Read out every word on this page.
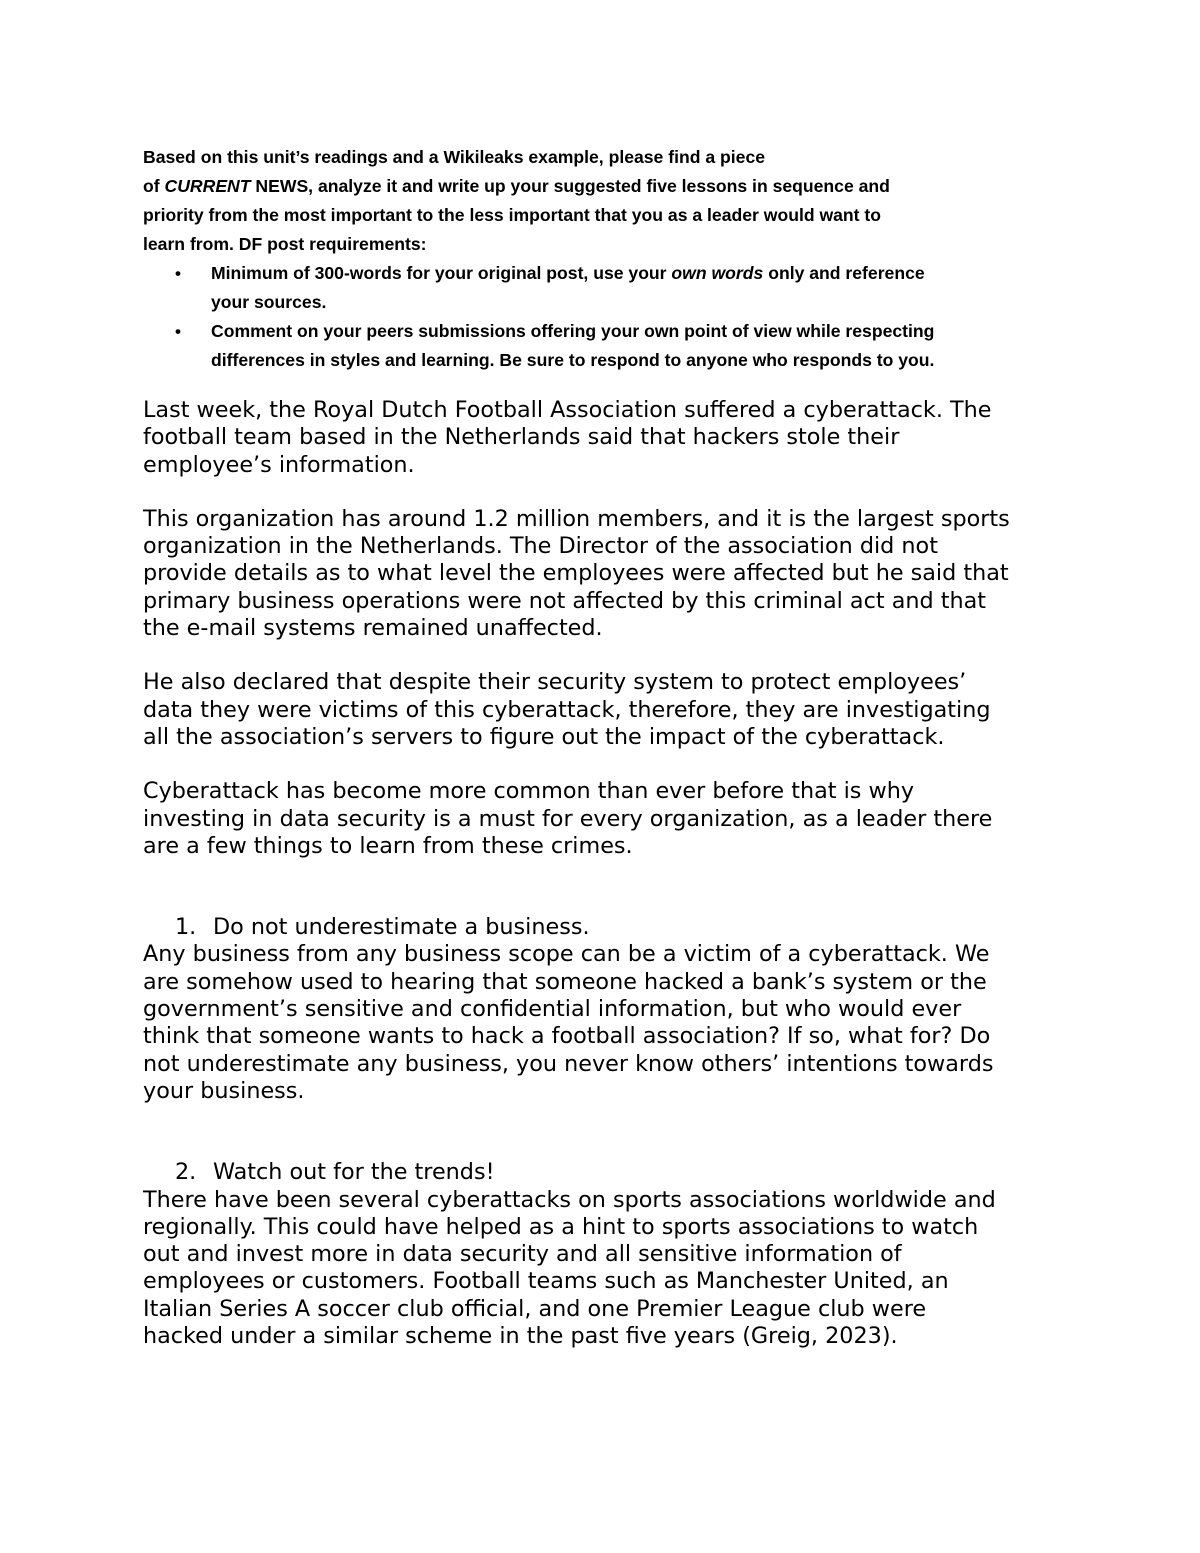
Based on this unit’s readings and a Wikileaks example, please find a piece
of CURRENT NEWS, analyze it and write up your suggested five lessons in sequence and
priority from the most important to the less important that you as a leader would want to
learn from. DF post requirements:
• Minimum of 300-words for your original post, use your own words only and reference
your sources.
• Comment on your peers submissions offering your own point of view while respecting
differences in styles and learning. Be sure to respond to anyone who responds to you.
Last week, the Royal Dutch Football Association suffered a cyberattack. The
football team based in the Netherlands said that hackers stole their
employee’s information.
This organization has around 1.2 million members, and it is the largest sports
organization in the Netherlands. The Director of the association did not
provide details as to what level the employees were affected but he said that
primary business operations were not affected by this criminal act and that
the e-mail systems remained unaffected.
He also declared that despite their security system to protect employees’
data they were victims of this cyberattack, therefore, they are investigating
all the association’s servers to figure out the impact of the cyberattack.
Cyberattack has become more common than ever before that is why
investing in data security is a must for every organization, as a leader there
are a few things to learn from these crimes.
1. Do not underestimate a business.
Any business from any business scope can be a victim of a cyberattack. We
are somehow used to hearing that someone hacked a bank’s system or the
government’s sensitive and confidential information, but who would ever
think that someone wants to hack a football association? If so, what for? Do
not underestimate any business, you never know others’ intentions towards
your business.
2. Watch out for the trends!
There have been several cyberattacks on sports associations worldwide and
regionally. This could have helped as a hint to sports associations to watch
out and invest more in data security and all sensitive information of
employees or customers. Football teams such as Manchester United, an
Italian Series A soccer club official, and one Premier League club were
hacked under a similar scheme in the past five years (Greig, 2023).
